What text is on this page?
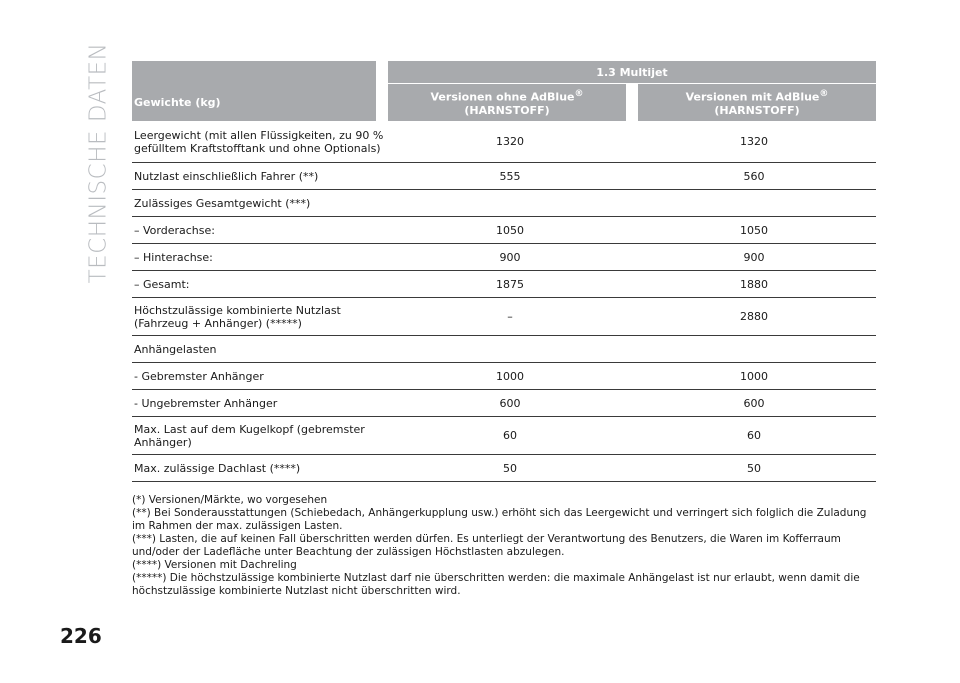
TECHNISCHE DATEN Gewichte (kg)
1.3 Multijet
Versionen ohne AdBlue®
(HARNSTOFF)
Versionen mit AdBlue®
(HARNSTOFF)
Leergewicht (mit allen Flüssigkeiten, zu 90 %
gefülltem Kraftstofftank und ohne Optionals)	1320	1320
Nutzlast einschließlich Fahrer (**)	555	560
Zulässiges Gesamtgewicht (***)
– Vorderachse:	1050	1050
– Hinterachse:	900	900
– Gesamt:	1875	1880
Höchstzulässige kombinierte Nutzlast
(Fahrzeug + Anhänger) (*****)	–	2880
Anhängelasten
- Gebremster Anhänger	1000	1000
- Ungebremster Anhänger	600	600
Max. Last auf dem Kugelkopf (gebremster
Anhänger)	60	60
Max. zulässige Dachlast (****)	50	50

(*) Versionen/Märkte, wo vorgesehen

(**) Bei Sonderausstattungen (Schiebedach, Anhängerkupplung usw.) erhöht sich das Leergewicht und verringert sich folglich die Zuladung im Rahmen der max. zulässigen Lasten.

(***) Lasten, die auf keinen Fall überschritten werden dürfen. Es unterliegt der Verantwortung des Benutzers, die Waren im Kofferraum und/oder der Ladefläche unter Beachtung der zulässigen Höchstlasten abzulegen.

(****) Versionen mit Dachreling

(*****) Die höchstzulässige kombinierte Nutzlast darf nie überschritten werden: die maximale Anhängelast ist nur erlaubt, wenn damit die höchstzulässige kombinierte Nutzlast nicht überschritten wird.

226
